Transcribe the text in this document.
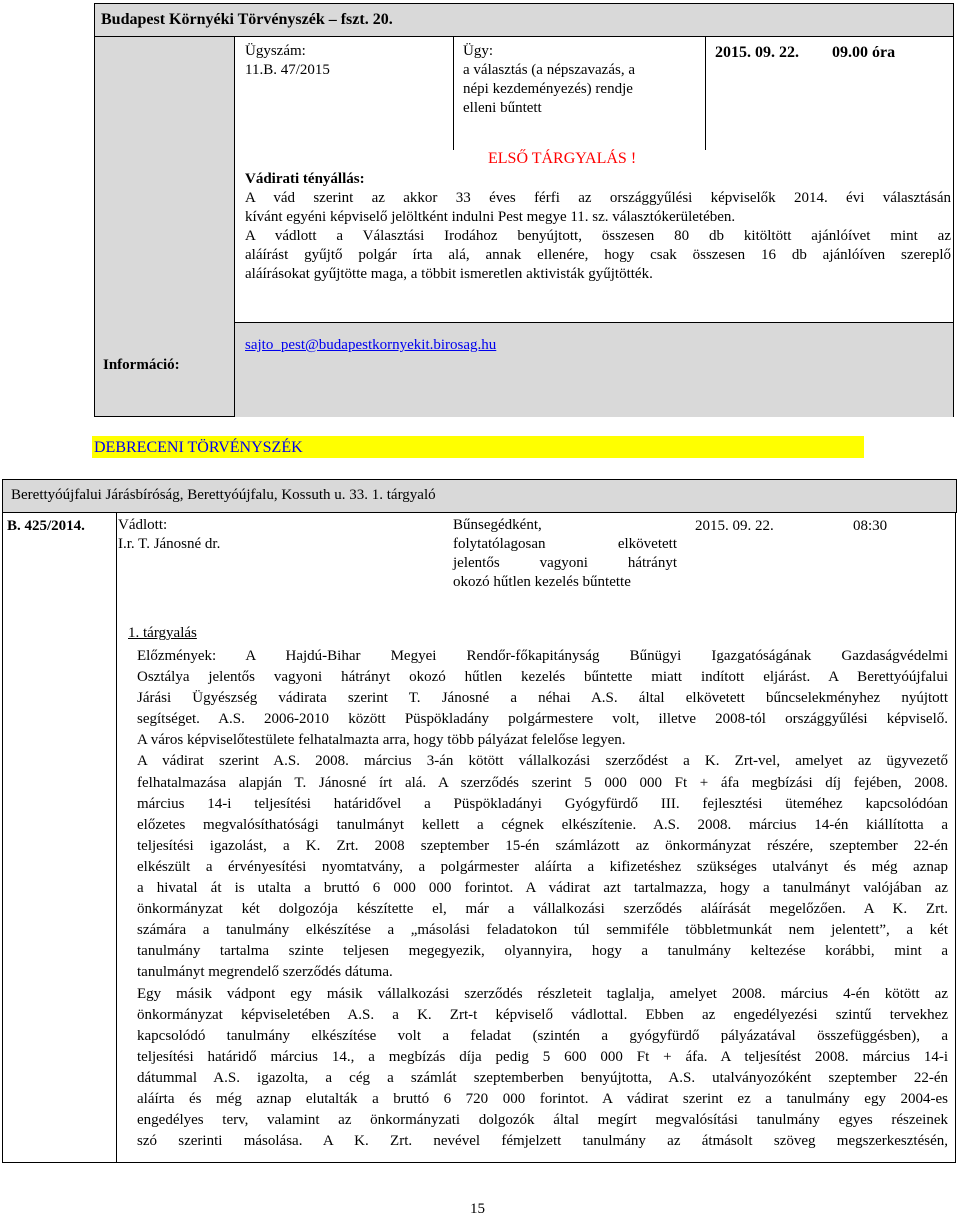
Budapest Környéki Törvényszék – fszt. 20.
Információ:
sajto_pest@budapestkornyekit.birosag.hu
Ügyszám:
11.B. 47/2015
Ügy:
a választás (a népszavazás, a
népi kezdeményezés) rendje
elleni bűntett
2015. 09. 22. 09.00 óra
ELSŐ TÁRGYALÁS !
Vádirati tényállás:
A vád szerint az akkor 33 éves férfi az országgyűlési képviselők 2014. évi választásán
kívánt egyéni képviselő jelöltként indulni Pest megye 11. sz. választókerületében.
A vádlott a Választási Irodához benyújtott, összesen 80 db kitöltött ajánlóívet mint az
aláírást gyűjtő polgár írta alá, annak ellenére, hogy csak összesen 16 db ajánlóíven szereplő
aláírásokat gyűjtötte maga, a többit ismeretlen aktivisták gyűjtötték.
DEBRECENI TÖRVÉNYSZÉK
Berettyóújfalui Járásbíróság, Berettyóújfalu, Kossuth u. 33. 1. tárgyaló
B. 425/2014. Vádlott:
I.r. T. Jánosné dr.
Bűnsegédként,
folytatólagosan elkövetett
jelentős vagyoni hátrányt
okozó hűtlen kezelés bűntette
2015. 09. 22.	08:30
1. tárgyalás
Előzmények: A Hajdú-Bihar Megyei Rendőr-főkapitányság Bűnügyi Igazgatóságának Gazdaságvédelmi
Osztálya jelentős vagyoni hátrányt okozó hűtlen kezelés bűntette miatt indított eljárást. A Berettyóújfalui
Járási Ügyészség vádirata szerint T. Jánosné a néhai A.S. által elkövetett bűncselekményhez nyújtott
segítséget. A.S. 2006-2010 között Püspökladány polgármestere volt, illetve 2008-tól országgyűlési képviselő.
A város képviselőtestülete felhatalmazta arra, hogy több pályázat felelőse legyen.
A vádirat szerint A.S. 2008. március 3-án kötött vállalkozási szerződést a K. Zrt-vel, amelyet az ügyvezető
felhatalmazása alapján T. Jánosné írt alá. A szerződés szerint 5 000 000 Ft + áfa megbízási díj fejében, 2008.
március 14-i teljesítési határidővel a Püspökladányi Gyógyfürdő III. fejlesztési üteméhez kapcsolódóan
előzetes megvalósíthatósági tanulmányt kellett a cégnek elkészítenie. A.S. 2008. március 14-én kiállította a
teljesítési igazolást, a K. Zrt. 2008 szeptember 15-én számlázott az önkormányzat részére, szeptember 22-én
elkészült a érvényesítési nyomtatvány, a polgármester aláírta a kifizetéshez szükséges utalványt és még aznap
a hivatal át is utalta a bruttó 6 000 000 forintot. A vádirat azt tartalmazza, hogy a tanulmányt valójában az
önkormányzat két dolgozója készítette el, már a vállalkozási szerződés aláírását megelőzően. A K. Zrt.
számára a tanulmány elkészítése a „másolási feladatokon túl semmiféle többletmunkát nem jelentett”, a két
tanulmány tartalma szinte teljesen megegyezik, olyannyira, hogy a tanulmány keltezése korábbi, mint a
tanulmányt megrendelő szerződés dátuma.
Egy másik vádpont egy másik vállalkozási szerződés részleteit taglalja, amelyet 2008. március 4-én kötött az
önkormányzat képviseletében A.S. a K. Zrt-t képviselő vádlottal. Ebben az engedélyezési szintű tervekhez
kapcsolódó tanulmány elkészítése volt a feladat (szintén a gyógyfürdő pályázatával összefüggésben), a
teljesítési határidő március 14., a megbízás díja pedig 5 600 000 Ft + áfa. A teljesítést 2008. március 14-i
dátummal A.S. igazolta, a cég a számlát szeptemberben benyújtotta, A.S. utalványozóként szeptember 22-én
aláírta és még aznap elutalták a bruttó 6 720 000 forintot. A vádirat szerint ez a tanulmány egy 2004-es
engedélyes terv, valamint az önkormányzati dolgozók által megírt megvalósítási tanulmány egyes részeinek
szó szerinti másolása. A K. Zrt. nevével fémjelzett tanulmány az átmásolt szöveg megszerkesztésén,
15
